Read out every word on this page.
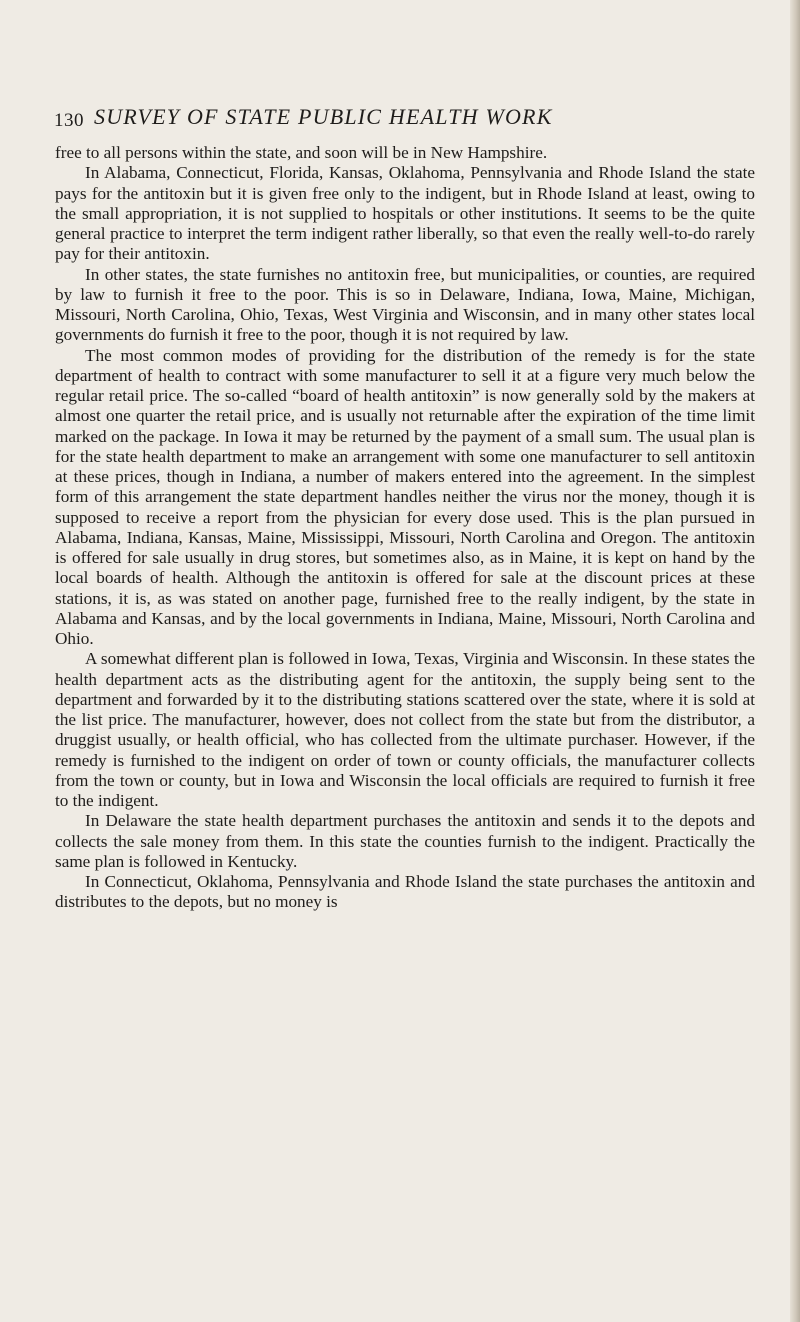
130 SURVEY OF STATE PUBLIC HEALTH WORK

free to all persons within the state, and soon will be in New Hampshire.

In Alabama, Connecticut, Florida, Kansas, Oklahoma, Pennsylvania and Rhode Island the state pays for the antitoxin but it is given free only to the indigent, but in Rhode Island at least, owing to the small appropriation, it is not supplied to hospitals or other institutions. It seems to be the quite general practice to interpret the term indigent rather liberally, so that even the really well-to-do rarely pay for their antitoxin.

In other states, the state furnishes no antitoxin free, but municipalities, or counties, are required by law to furnish it free to the poor. This is so in Delaware, Indiana, Iowa, Maine, Michigan, Missouri, North Carolina, Ohio, Texas, West Virginia and Wisconsin, and in many other states local governments do furnish it free to the poor, though it is not required by law.

The most common modes of providing for the distribution of the remedy is for the state department of health to contract with some manufacturer to sell it at a figure very much below the regular retail price. The so-called “board of health antitoxin” is now generally sold by the makers at almost one quarter the retail price, and is usually not returnable after the expiration of the time limit marked on the package. In Iowa it may be returned by the payment of a small sum. The usual plan is for the state health department to make an arrangement with some one manufacturer to sell antitoxin at these prices, though in Indiana, a number of makers entered into the agreement. In the simplest form of this arrangement the state department handles neither the virus nor the money, though it is supposed to receive a report from the physician for every dose used. This is the plan pursued in Alabama, Indiana, Kansas, Maine, Mississippi, Missouri, North Carolina and Oregon. The antitoxin is offered for sale usually in drug stores, but sometimes also, as in Maine, it is kept on hand by the local boards of health. Although the antitoxin is offered for sale at the discount prices at these stations, it is, as was stated on another page, furnished free to the really indigent, by the state in Alabama and Kansas, and by the local governments in Indiana, Maine, Missouri, North Carolina and Ohio.

A somewhat different plan is followed in Iowa, Texas, Virginia and Wisconsin. In these states the health department acts as the distributing agent for the antitoxin, the supply being sent to the department and forwarded by it to the distributing stations scattered over the state, where it is sold at the list price. The manufacturer, however, does not collect from the state but from the distributor, a druggist usually, or health official, who has collected from the ultimate purchaser. However, if the remedy is furnished to the indigent on order of town or county officials, the manufacturer collects from the town or county, but in Iowa and Wisconsin the local officials are required to furnish it free to the indigent.

In Delaware the state health department purchases the antitoxin and sends it to the depots and collects the sale money from them. In this state the counties furnish to the indigent. Practically the same plan is followed in Kentucky.

In Connecticut, Oklahoma, Pennsylvania and Rhode Island the state purchases the antitoxin and distributes to the depots, but no money is
